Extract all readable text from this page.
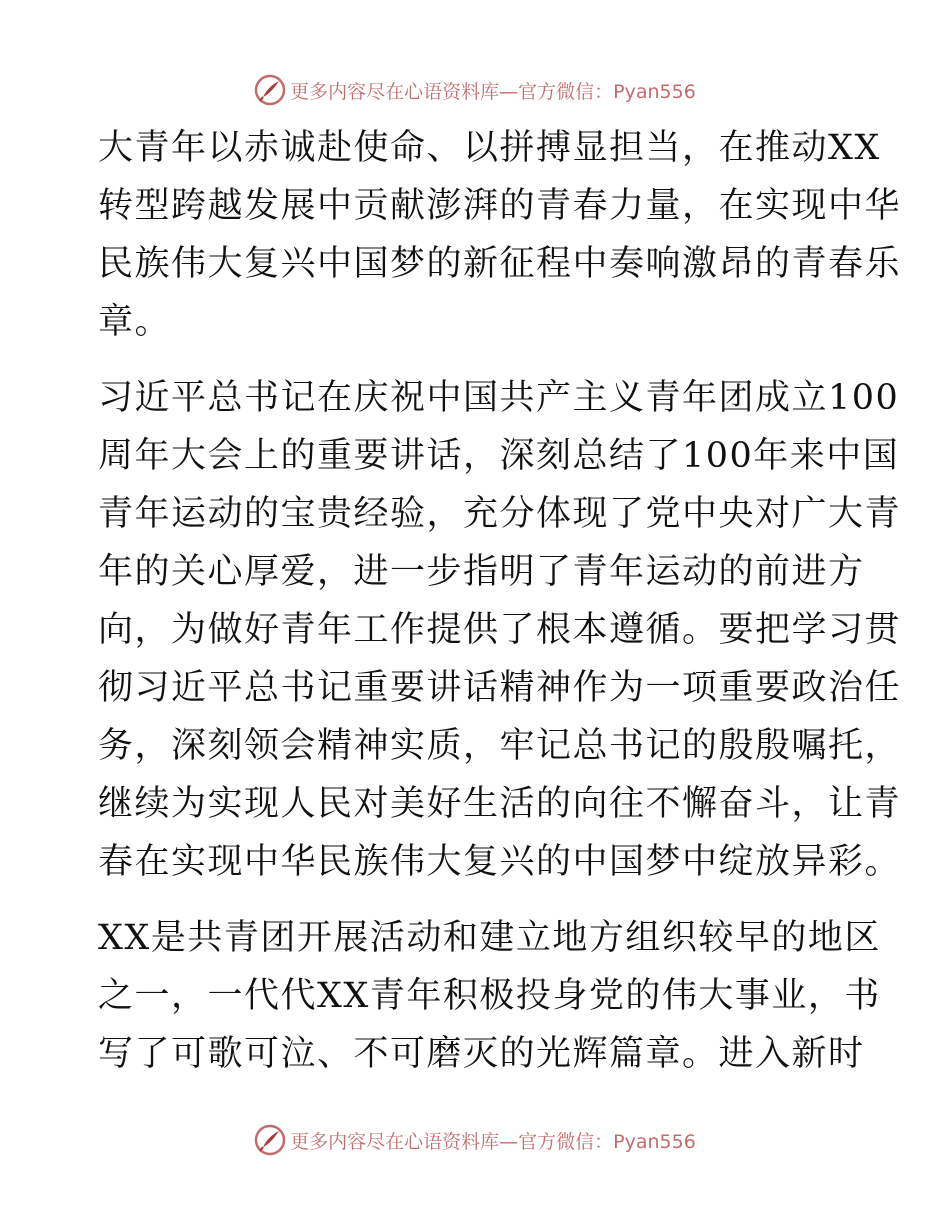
更多内容尽在心语资料库—官方微信：Pyan556
大青年以赤诚赴使命、以拼搏显担当，在推动XX
转型跨越发展中贡献澎湃的青春力量，在实现中华
民族伟大复兴中国梦的新征程中奏响激昂的青春乐
章。
习近平总书记在庆祝中国共产主义青年团成立100
周年大会上的重要讲话，深刻总结了100年来中国
青年运动的宝贵经验，充分体现了党中央对广大青
年的关心厚爱，进一步指明了青年运动的前进方
向，为做好青年工作提供了根本遵循。要把学习贯
彻习近平总书记重要讲话精神作为一项重要政治任
务，深刻领会精神实质，牢记总书记的殷殷嘱托，
继续为实现人民对美好生活的向往不懈奋斗，让青
春在实现中华民族伟大复兴的中国梦中绽放异彩。
XX是共青团开展活动和建立地方组织较早的地区
之一，一代代XX青年积极投身党的伟大事业，书
写了可歌可泣、不可磨灭的光辉篇章。进入新时
更多内容尽在心语资料库—官方微信：Pyan556
